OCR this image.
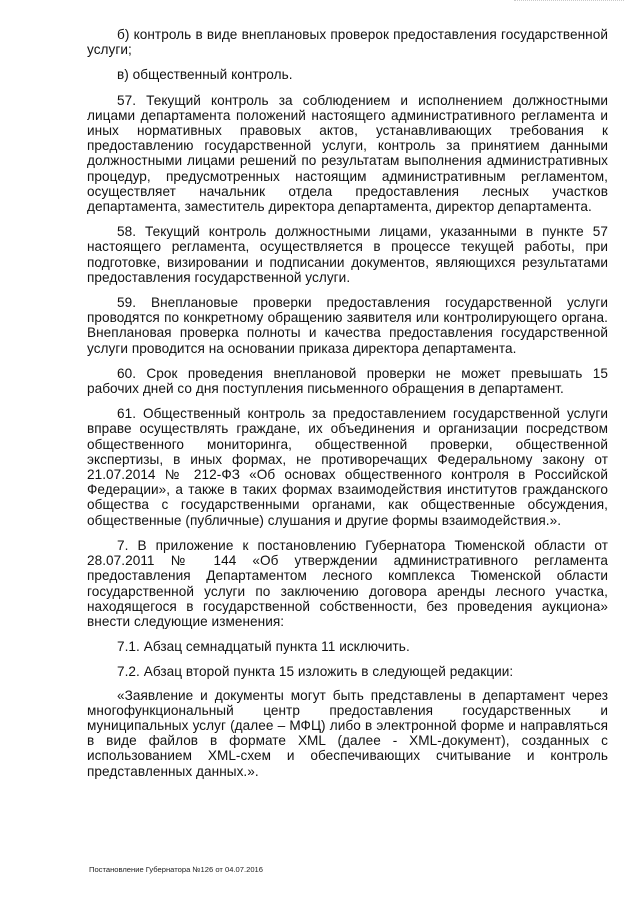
б) контроль в виде внеплановых проверок предоставления государственной услуги;

в) общественный контроль.

57. Текущий контроль за соблюдением и исполнением должностными лицами департамента положений настоящего административного регламента и иных нормативных правовых актов, устанавливающих требования к предоставлению государственной услуги, контроль за принятием данными должностными лицами решений по результатам выполнения административных процедур, предусмотренных настоящим административным регламентом, осуществляет начальник отдела предоставления лесных участков департамента, заместитель директора департамента, директор департамента.

58. Текущий контроль должностными лицами, указанными в пункте 57 настоящего регламента, осуществляется в процессе текущей работы, при подготовке, визировании и подписании документов, являющихся результатами предоставления государственной услуги.

59. Внеплановые проверки предоставления государственной услуги проводятся по конкретному обращению заявителя или контролирующего органа. Внеплановая проверка полноты и качества предоставления государственной услуги проводится на основании приказа директора департамента.

60. Срок проведения внеплановой проверки не может превышать 15 рабочих дней со дня поступления письменного обращения в департамент.

61. Общественный контроль за предоставлением государственной услуги вправе осуществлять граждане, их объединения и организации посредством общественного мониторинга, общественной проверки, общественной экспертизы, в иных формах, не противоречащих Федеральному закону от 21.07.2014 № 212-ФЗ «Об основах общественного контроля в Российской Федерации», а также в таких формах взаимодействия институтов гражданского общества с государственными органами, как общественные обсуждения, общественные (публичные) слушания и другие формы взаимодействия.».

7. В приложение к постановлению Губернатора Тюменской области от 28.07.2011 № 144 «Об утверждении административного регламента предоставления Департаментом лесного комплекса Тюменской области государственной услуги по заключению договора аренды лесного участка, находящегося в государственной собственности, без проведения аукциона» внести следующие изменения:

7.1. Абзац семнадцатый пункта 11 исключить.

7.2. Абзац второй пункта 15 изложить в следующей редакции:

«Заявление и документы могут быть представлены в департамент через многофункциональный центр предоставления государственных и муниципальных услуг (далее – МФЦ) либо в электронной форме и направляться в виде файлов в формате XML (далее - XML-документ), созданных с использованием XML-схем и обеспечивающих считывание и контроль представленных данных.».

Постановление Губернатора №126 от 04.07.2016
